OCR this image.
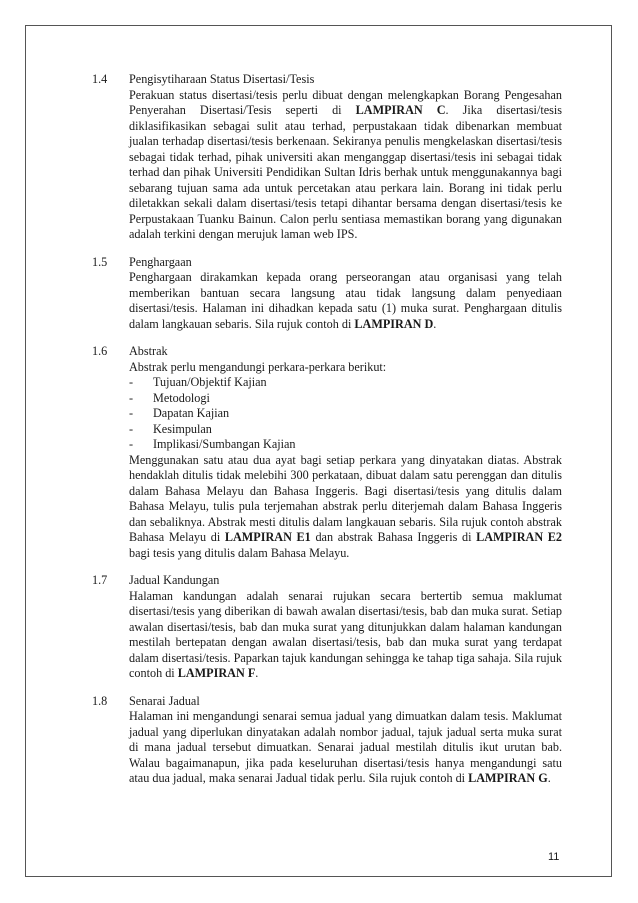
1.4 Pengisytiharaan Status Disertasi/Tesis
Perakuan status disertasi/tesis perlu dibuat dengan melengkapkan Borang Pengesahan Penyerahan Disertasi/Tesis seperti di LAMPIRAN C. Jika disertasi/tesis diklasifikasikan sebagai sulit atau terhad, perpustakaan tidak dibenarkan membuat jualan terhadap disertasi/tesis berkenaan. Sekiranya penulis mengkelaskan disertasi/tesis sebagai tidak terhad, pihak universiti akan menganggap disertasi/tesis ini sebagai tidak terhad dan pihak Universiti Pendidikan Sultan Idris berhak untuk menggunakannya bagi sebarang tujuan sama ada untuk percetakan atau perkara lain. Borang ini tidak perlu diletakkan sekali dalam disertasi/tesis tetapi dihantar bersama dengan disertasi/tesis ke Perpustakaan Tuanku Bainun. Calon perlu sentiasa memastikan borang yang digunakan adalah terkini dengan merujuk laman web IPS.
1.5 Penghargaan
Penghargaan dirakamkan kepada orang perseorangan atau organisasi yang telah memberikan bantuan secara langsung atau tidak langsung dalam penyediaan disertasi/tesis. Halaman ini dihadkan kepada satu (1) muka surat. Penghargaan ditulis dalam langkauan sebaris. Sila rujuk contoh di LAMPIRAN D.
1.6 Abstrak
Abstrak perlu mengandungi perkara-perkara berikut:
- Tujuan/Objektif Kajian
- Metodologi
- Dapatan Kajian
- Kesimpulan
- Implikasi/Sumbangan Kajian
Menggunakan satu atau dua ayat bagi setiap perkara yang dinyatakan diatas. Abstrak hendaklah ditulis tidak melebihi 300 perkataan, dibuat dalam satu perenggan dan ditulis dalam Bahasa Melayu dan Bahasa Inggeris. Bagi disertasi/tesis yang ditulis dalam Bahasa Melayu, tulis pula terjemahan abstrak perlu diterjemah dalam Bahasa Inggeris dan sebaliknya. Abstrak mesti ditulis dalam langkauan sebaris. Sila rujuk contoh abstrak Bahasa Melayu di LAMPIRAN E1 dan abstrak Bahasa Inggeris di LAMPIRAN E2 bagi tesis yang ditulis dalam Bahasa Melayu.
1.7 Jadual Kandungan
Halaman kandungan adalah senarai rujukan secara bertertib semua maklumat disertasi/tesis yang diberikan di bawah awalan disertasi/tesis, bab dan muka surat. Setiap awalan disertasi/tesis, bab dan muka surat yang ditunjukkan dalam halaman kandungan mestilah bertepatan dengan awalan disertasi/tesis, bab dan muka surat yang terdapat dalam disertasi/tesis. Paparkan tajuk kandungan sehingga ke tahap tiga sahaja. Sila rujuk contoh di LAMPIRAN F.
1.8 Senarai Jadual
Halaman ini mengandungi senarai semua jadual yang dimuatkan dalam tesis. Maklumat jadual yang diperlukan dinyatakan adalah nombor jadual, tajuk jadual serta muka surat di mana jadual tersebut dimuatkan. Senarai jadual mestilah ditulis ikut urutan bab. Walau bagaimanapun, jika pada keseluruhan disertasi/tesis hanya mengandungi satu atau dua jadual, maka senarai Jadual tidak perlu. Sila rujuk contoh di LAMPIRAN G.
11
